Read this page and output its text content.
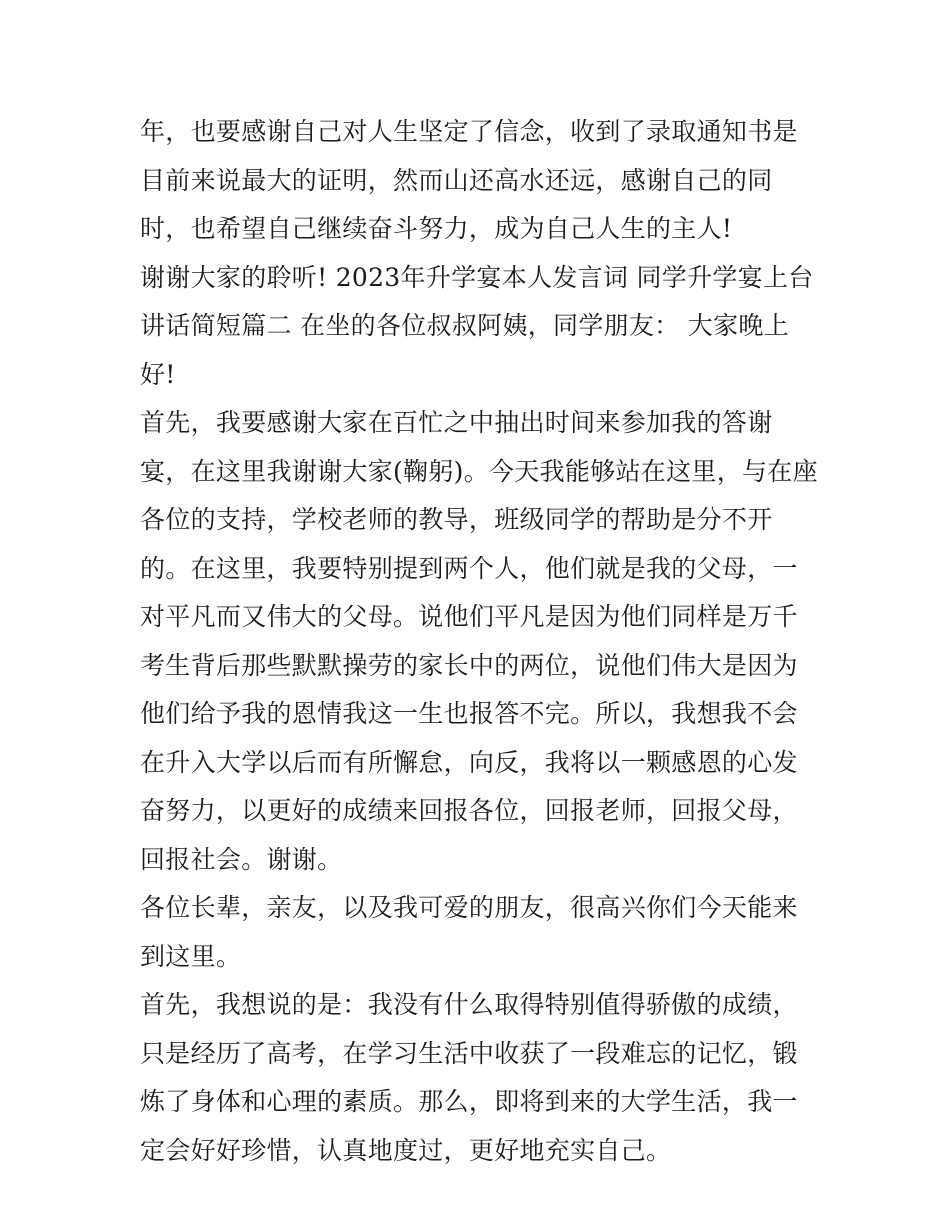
年，也要感谢自己对人生坚定了信念，收到了录取通知书是目前来说最大的证明，然而山还高水还远，感谢自己的同时，也希望自己继续奋斗努力，成为自己人生的主人!

谢谢大家的聆听! 2023年升学宴本人发言词 同学升学宴上台讲话简短篇二 在坐的各位叔叔阿姨，同学朋友： 大家晚上好!

首先，我要感谢大家在百忙之中抽出时间来参加我的答谢宴，在这里我谢谢大家(鞠躬)。今天我能够站在这里，与在座各位的支持，学校老师的教导，班级同学的帮助是分不开的。在这里，我要特别提到两个人，他们就是我的父母，一对平凡而又伟大的父母。说他们平凡是因为他们同样是万千考生背后那些默默操劳的家长中的两位，说他们伟大是因为他们给予我的恩情我这一生也报答不完。所以，我想我不会在升入大学以后而有所懈怠，向反，我将以一颗感恩的心发奋努力，以更好的成绩来回报各位，回报老师，回报父母，回报社会。谢谢。

各位长辈，亲友，以及我可爱的朋友，很高兴你们今天能来到这里。

首先，我想说的是：我没有什么取得特别值得骄傲的成绩，只是经历了高考，在学习生活中收获了一段难忘的记忆，锻炼了身体和心理的素质。那么，即将到来的大学生活，我一定会好好珍惜，认真地度过，更好地充实自己。
